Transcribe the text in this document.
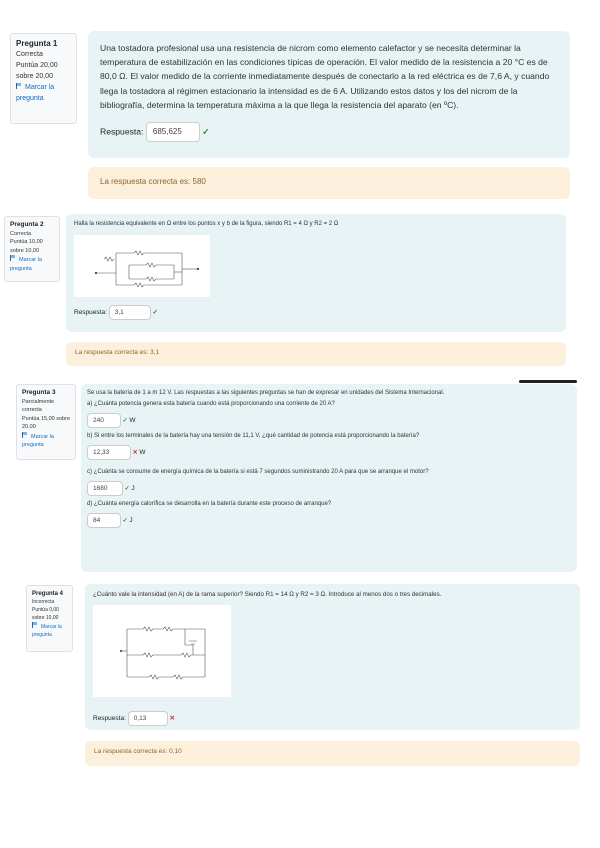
Pregunta 1
Correcta
Puntúa 20,00 sobre 20,00
Marcar la pregunta

Una tostadora profesional usa una resistencia de nicrom como elemento calefactor y se necesita determinar la temperatura de estabilización en las condiciones típicas de operación. El valor medido de la resistencia a 20 °C es de 80,0 Ω. El valor medido de la corriente inmediatamente después de conectarlo a la red eléctrica es de 7,6 A, y cuando llega la tostadora al régimen estacionario la intensidad es de 6 A. Utilizando estos datos y los del nicrom de la bibliografía, determina la temperatura máxima a la que llega la resistencia del aparato (en ºC).

Respuesta: 685,625 ✓
La respuesta correcta es: 580
Pregunta 2
Correcta
Puntúa 10,00 sobre 10,00
Marcar la pregunta

Halla la resistencia equivalente en Ω entre los puntos x y b de la figura, siendo R1 = 4 Ω y R2 = 2 Ω

Respuesta: 3,1	✓
La respuesta correcta es: 3,1
Pregunta 3
Parcialmente correcta
Puntúa 15,00 sobre 20,00
Marcar la pregunta

Se usa la batería de 1 a m 12 V. Las respuestas a las siguientes preguntas se han de expresar en unidades del Sistema Internacional.

a) ¿Cuánta potencia genera esta batería cuando está proporcionando una corriente de 20 A?

240	✓ W

b) Si entre los terminales de la batería hay una tensión de 11,1 V, ¿qué cantidad de potencia está proporcionando la batería?

12,33	✕ W

c) ¿Cuánta se consume de energía química de la batería si está 7 segundos suministrando 20 A para que se arranque el motor?

1680	✓ J

d) ¿Cuánta energía calorífica se desarrolla en la batería durante este proceso de arranque?

84	✓ J
Pregunta 4
Incorrecta
Puntúa 0,00 sobre 10,00
Marcar la pregunta

¿Cuánto vale la intensidad (en A) de la rama superior? Siendo R1 = 14 Ω y R2 = 3 Ω. Introduce al menos dos o tres decimales.

Respuesta: 0,13	✕
La respuesta correcta es: 0,10
